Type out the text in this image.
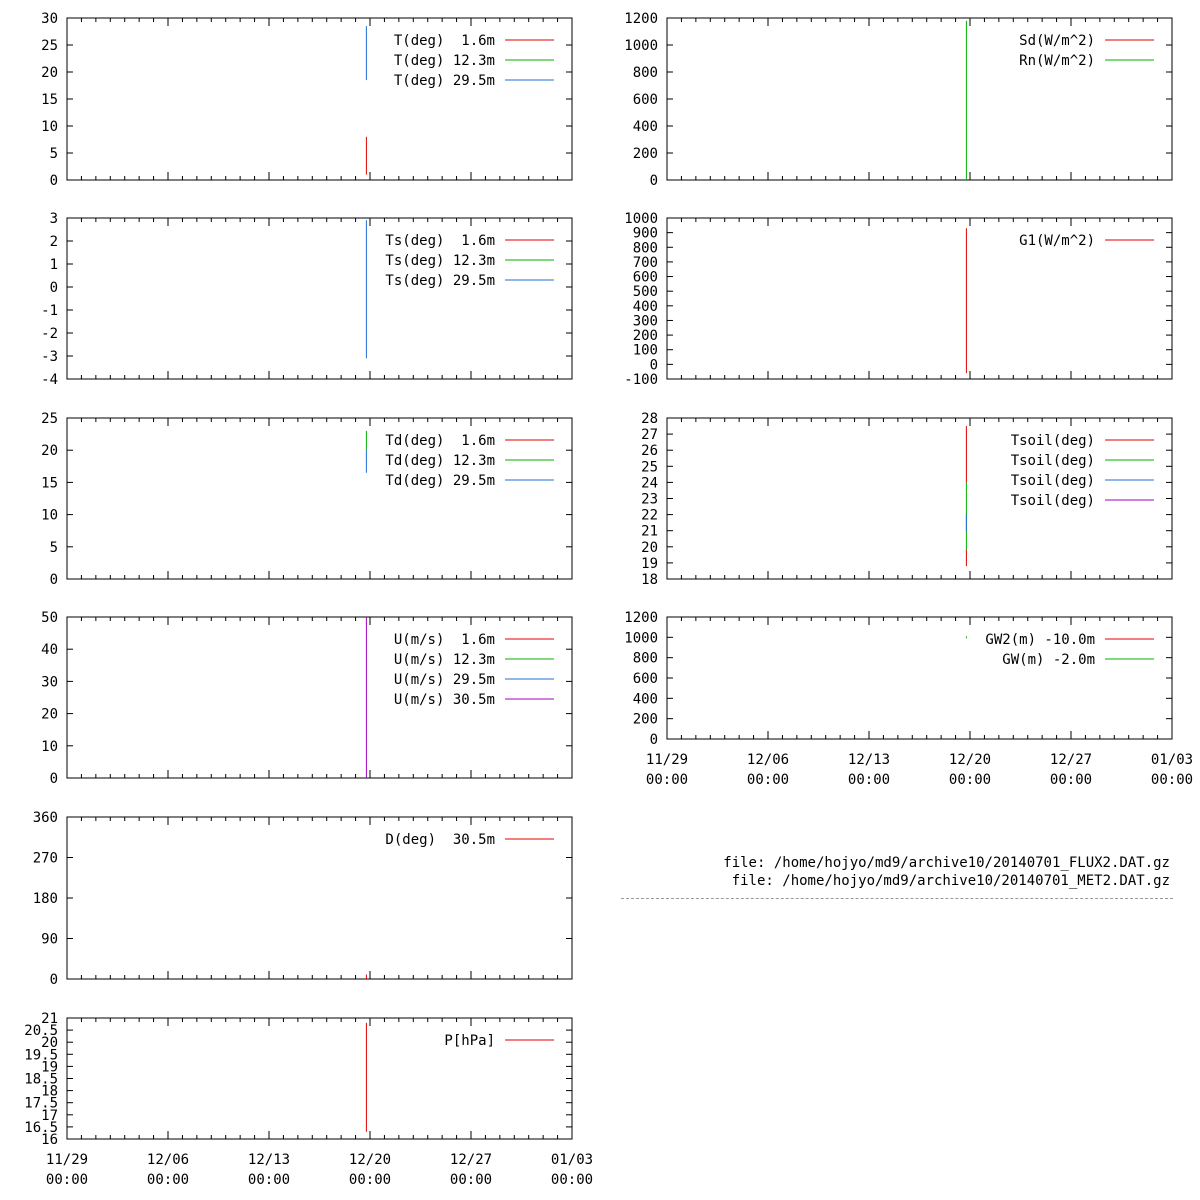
0
5
10
15
20
25
30
T(deg)  1.6m
T(deg) 12.3m
T(deg) 29.5m
0
200
400
600
800
1000
1200
Sd(W/m^2)
Rn(W/m^2)
-4
-3
-2
-1
0
1
2
3
Ts(deg)  1.6m
Ts(deg) 12.3m
Ts(deg) 29.5m
-100
0
100
200
300
400
500
600
700
800
900
1000
G1(W/m^2)
0
5
10
15
20
25
Td(deg)  1.6m
Td(deg) 12.3m
Td(deg) 29.5m
18
19
20
21
22
23
24
25
26
27
28
Tsoil(deg)
Tsoil(deg)
Tsoil(deg)
Tsoil(deg)
0
10
20
30
40
50
U(m/s)  1.6m
U(m/s) 12.3m
U(m/s) 29.5m
U(m/s) 30.5m
0
200
400
600
800
1000
1200
11/29
00:00
12/06
00:00
12/13
00:00
12/20
00:00
12/27
00:00
01/03
00:00
GW2(m) -10.0m
GW(m) -2.0m
0
90
180
270
360
D(deg)  30.5m
16
16.5
17
17.5
18
18.5
19
19.5
20
20.5
21
11/29
00:00
12/06
00:00
12/13
00:00
12/20
00:00
12/27
00:00
01/03
00:00
P[hPa]
file: /home/hojyo/md9/archive10/20140701_FLUX2.DAT.gz
file: /home/hojyo/md9/archive10/20140701_MET2.DAT.gz
